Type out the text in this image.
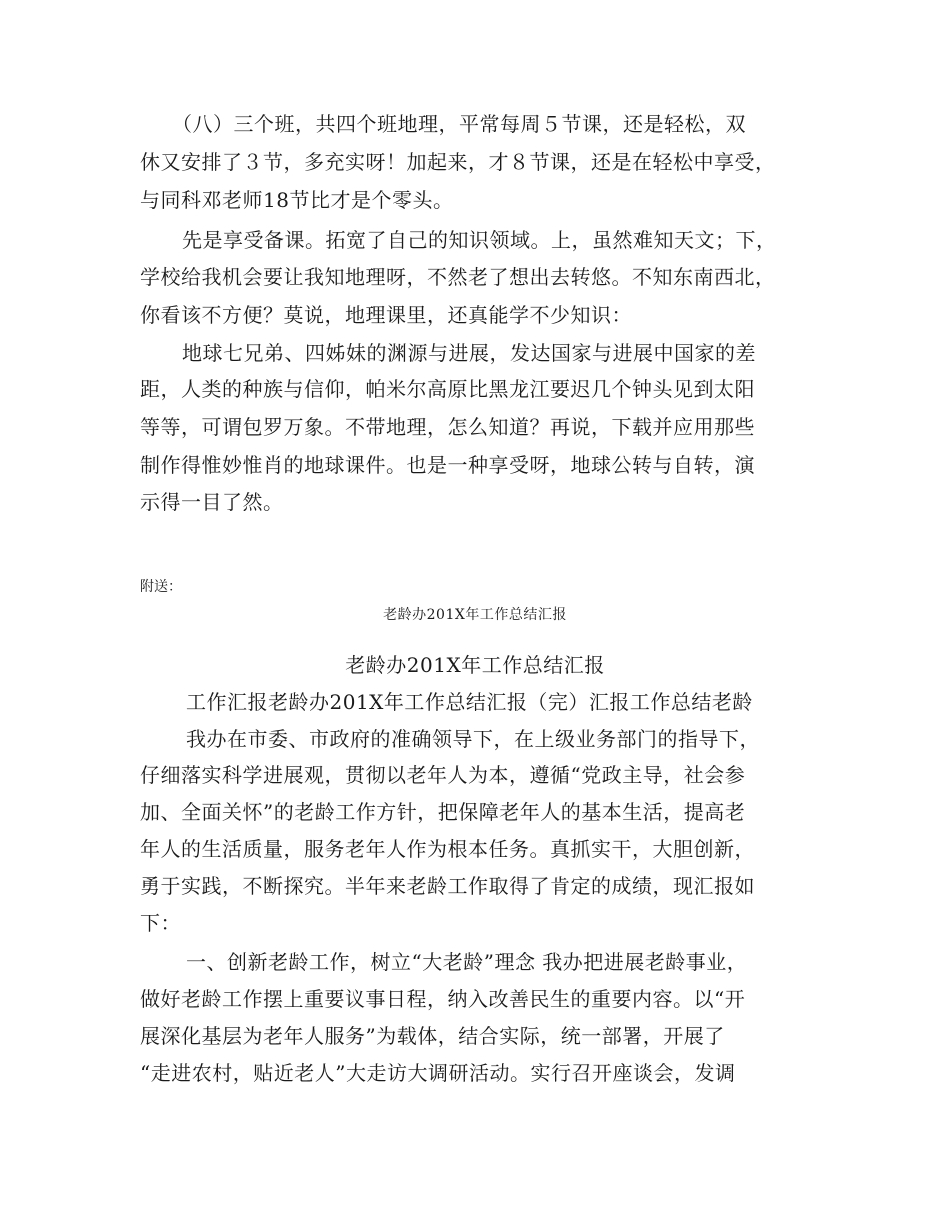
（八）三个班，共四个班地理，平常每周５节课，还是轻松，双
休又安排了３节，多充实呀！加起来，才８节课，还是在轻松中享受，
与同科邓老师18节比才是个零头。
先是享受备课。拓宽了自己的知识领域。上，虽然难知天文；下，
学校给我机会要让我知地理呀，不然老了想出去转悠。不知东南西北，
你看该不方便？莫说，地理课里，还真能学不少知识：
地球七兄弟、四姊妹的渊源与进展，发达国家与进展中国家的差
距，人类的种族与信仰，帕米尔高原比黑龙江要迟几个钟头见到太阳
等等，可谓包罗万象。不带地理，怎么知道？再说，下载并应用那些
制作得惟妙惟肖的地球课件。也是一种享受呀，地球公转与自转，演
示得一目了然。
附送：
老龄办201X年工作总结汇报
老龄办201X年工作总结汇报
工作汇报老龄办201X年工作总结汇报（完）汇报工作总结老龄
我办在市委、市政府的准确领导下，在上级业务部门的指导下，
仔细落实科学进展观，贯彻以老年人为本，遵循“党政主导，社会参
加、全面关怀”的老龄工作方针，把保障老年人的基本生活，提高老
年人的生活质量，服务老年人作为根本任务。真抓实干，大胆创新，
勇于实践，不断探究。半年来老龄工作取得了肯定的成绩，现汇报如
下：
一、创新老龄工作，树立“大老龄”理念 我办把进展老龄事业，
做好老龄工作摆上重要议事日程，纳入改善民生的重要内容。以“开
展深化基层为老年人服务”为载体，结合实际，统一部署，开展了
“走进农村，贴近老人”大走访大调研活动。实行召开座谈会，发调
